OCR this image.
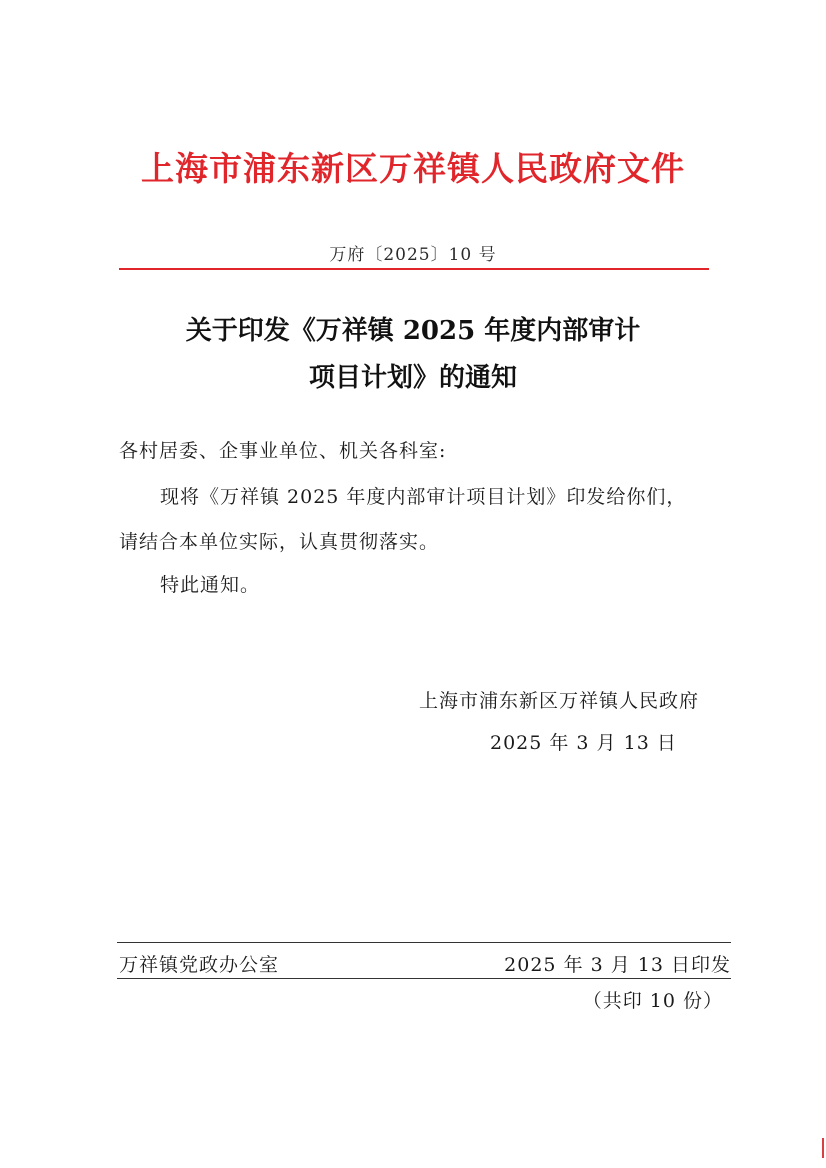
上海市浦东新区万祥镇人民政府文件
万府〔2025〕10 号
关于印发《万祥镇 2025 年度内部审计
项目计划》的通知
各村居委、企事业单位、机关各科室:
现将《万祥镇 2025 年度内部审计项目计划》印发给你们，
请结合本单位实际，认真贯彻落实。
特此通知。
上海市浦东新区万祥镇人民政府
2025 年 3 月 13 日
万祥镇党政办公室	2025 年 3 月 13 日印发
（共印 10 份）
